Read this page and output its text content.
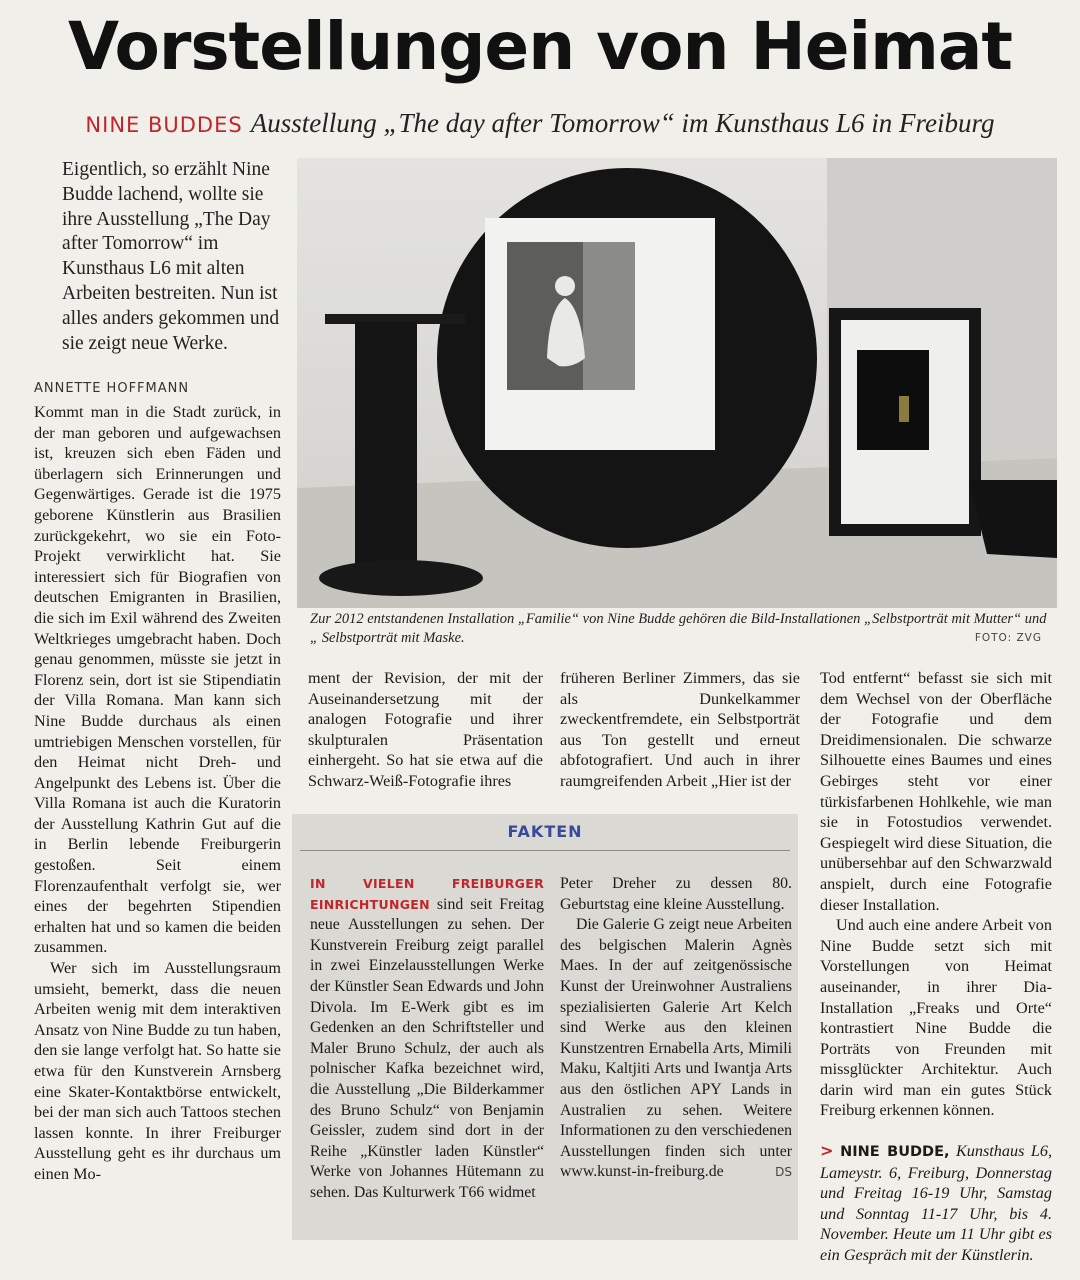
Vorstellungen von Heimat
NINE BUDDES Ausstellung „The day after Tomorrow“ im Kunsthaus L6 in Freiburg
Eigentlich, so erzählt Nine Budde lachend, wollte sie ihre Ausstellung „The Day after Tomorrow“ im Kunsthaus L6 mit alten Arbeiten bestreiten. Nun ist alles anders gekommen und sie zeigt neue Werke.
ANNETTE HOFFMANN
Zur 2012 entstandenen Installation „Familie“ von Nine Budde gehören die Bild-Installationen „Selbstporträt mit Mutter“ und „ Selbstporträt mit Maske.	FOTO: ZVG

Kommt man in die Stadt zurück, in der man geboren und aufgewachsen ist, kreuzen sich eben Fäden und überlagern sich Erinnerungen und Gegenwärtiges. Gerade ist die 1975 geborene Künstlerin aus Brasilien zurückgekehrt, wo sie ein Foto-Projekt verwirklicht hat. Sie interessiert sich für Biografien von deutschen Emigranten in Brasilien, die sich im Exil während des Zweiten Weltkrieges umgebracht haben. Doch genau genommen, müsste sie jetzt in Florenz sein, dort ist sie Stipendiatin der Villa Romana. Man kann sich Nine Budde durchaus als einen umtriebigen Menschen vorstellen, für den Heimat nicht Dreh- und Angelpunkt des Lebens ist. Über die Villa Romana ist auch die Kuratorin der Ausstellung Kathrin Gut auf die in Berlin lebende Freiburgerin gestoßen. Seit einem Florenzaufenthalt verfolgt sie, wer eines der begehrten Stipendien erhalten hat und so kamen die beiden zusammen.

Wer sich im Ausstellungsraum umsieht, bemerkt, dass die neuen Arbeiten wenig mit dem interaktiven Ansatz von Nine Budde zu tun haben, den sie lange verfolgt hat. So hatte sie etwa für den Kunstverein Arnsberg eine Skater-Kontaktbörse entwickelt, bei der man sich auch Tattoos stechen lassen konnte. In ihrer Freiburger Ausstellung geht es ihr durchaus um einen Mo-

ment der Revision, der mit der Auseinandersetzung mit der analogen Fotografie und ihrer skulpturalen Präsentation einhergeht. So hat sie etwa auf die Schwarz-Weiß-Fotografie ihres

früheren Berliner Zimmers, das sie als Dunkelkammer zweckentfremdete, ein Selbstporträt aus Ton gestellt und erneut abfotografiert. Und auch in ihrer raumgreifenden Arbeit „Hier ist der

Tod entfernt“ befasst sie sich mit dem Wechsel von der Oberfläche der Fotografie und dem Dreidimensionalen. Die schwarze Silhouette eines Baumes und eines Gebirges steht vor einer türkisfarbenen Hohlkehle, wie man sie in Fotostudios verwendet. Gespiegelt wird diese Situation, die unübersehbar auf den Schwarzwald anspielt, durch eine Fotografie dieser Installation.

Und auch eine andere Arbeit von Nine Budde setzt sich mit Vorstellungen von Heimat auseinander, in ihrer Dia-Installation „Freaks und Orte“ kontrastiert Nine Budde die Porträts von Freunden mit missglückter Architektur. Auch darin wird man ein gutes Stück Freiburg erkennen können.

> NINE BUDDE, Kunsthaus L6, Lameystr. 6, Freiburg, Donnerstag und Freitag 16-19 Uhr, Samstag und Sonntag 11-17 Uhr, bis 4. November. Heute um 11 Uhr gibt es ein Gespräch mit der Künstlerin.

FAKTEN

IN VIELEN FREIBURGER EINRICHTUNGEN sind seit Freitag neue Ausstellungen zu sehen. Der Kunstverein Freiburg zeigt parallel in zwei Einzelausstellungen Werke der Künstler Sean Edwards und John Divola. Im E-Werk gibt es im Gedenken an den Schriftsteller und Maler Bruno Schulz, der auch als polnischer Kafka bezeichnet wird, die Ausstellung „Die Bilderkammer des Bruno Schulz“ von Benjamin Geissler, zudem sind dort in der Reihe „Künstler laden Künstler“ Werke von Johannes Hütemann zu sehen. Das Kulturwerk T66 widmet

Peter Dreher zu dessen 80. Geburtstag eine kleine Ausstellung.

Die Galerie G zeigt neue Arbeiten des belgischen Malerin Agnès Maes. In der auf zeitgenössische Kunst der Ureinwohner Australiens spezialisierten Galerie Art Kelch sind Werke aus den kleinen Kunstzentren Ernabella Arts, Mimili Maku, Kaltjiti Arts und Iwantja Arts aus den östlichen APY Lands in Australien zu sehen. Weitere Informationen zu den verschiedenen Ausstellungen finden sich unter www.kunst-in-freiburg.de	DS
